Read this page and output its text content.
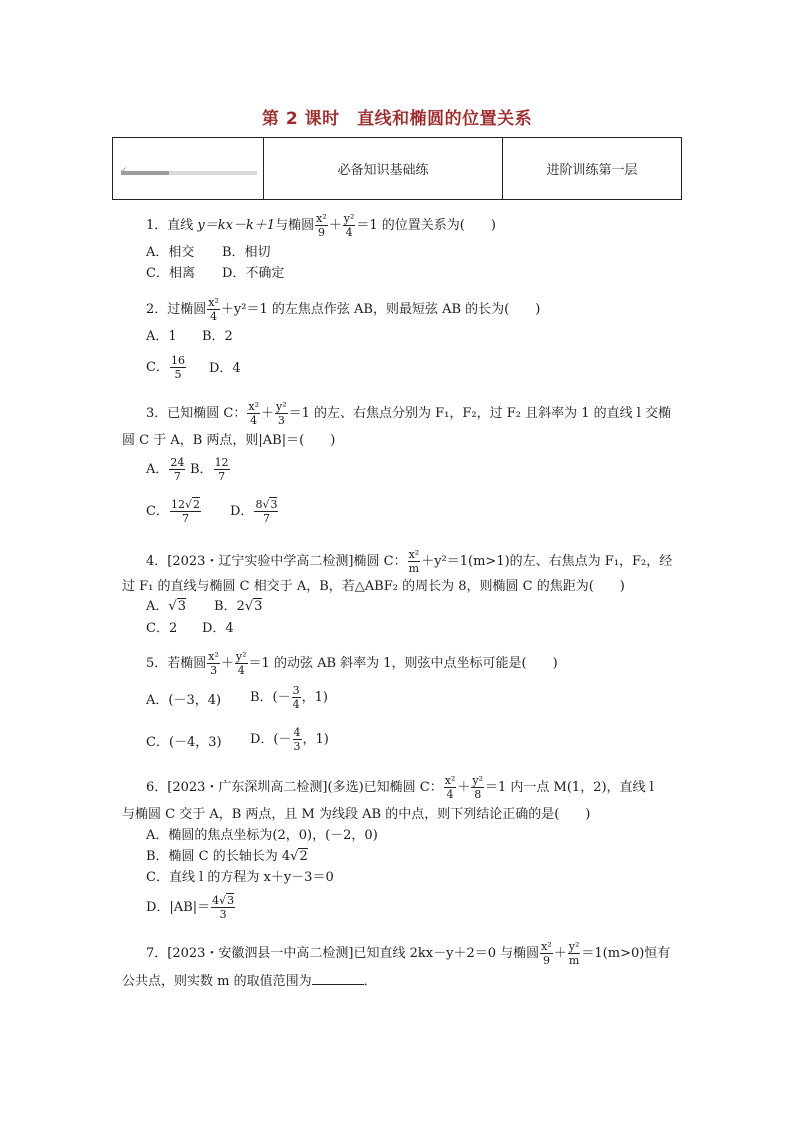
第 2 课时　直线和椭圆的位置关系
必备知识基础练	进阶训练第一层
1．直线 y＝kx－k＋1与椭圆 $\frac{\text{x²}}{9} + \frac{\text{y²}}{4} =1$ 的位置关系为(　　)
A．相交 B．相切
C．相离 D．不确定
2．过椭圆 $\frac{\text{x²}}{4} +y^2=1$ 的左焦点作弦 AB，则最短弦 AB 的长为(　　)
A．1 B．2
C． $\frac{16}{5}$ D．4
3．已知椭圆 C： $\frac{\text{x²}}{4} + \frac{\text{y²}}{3} =1$ 的左、右焦点分别为 F₁，F₂，过 F₂ 且斜率为 1 的直线 l 交椭
圆 C 于 A，B 两点，则|AB|＝(　　)
A． $\frac{24}{7}$ B． $\frac{12}{7}$
C． $\frac{12√2}{7}$ D． $\frac{8√3}{7}$
4．[2023・辽宁实验中学高二检测]椭圆 C： $\frac{\text{x²}}{m} +y^2=1(m>1)$的左、右焦点为 F₁，F₂，经
过 F₁ 的直线与椭圆 C 相交于 A，B，若△ABF₂ 的周长为 8，则椭圆 C 的焦距为(　　)
A．√3 B．2√3
C．2 D．4
5．若椭圆 $\frac{\text{x²}}{3} + \frac{\text{y²}}{4} =1$ 的动弦 AB 斜率为 1，则弦中点坐标可能是(　　)
A．(－3，4) B．(－ $\frac{3}{4}$ ，1)
C．(－4，3) D．(－ $\frac{4}{3}$ ，1)
6．[2023・广东深圳高二检测](多选)已知椭圆 C： $\frac{\text{x²}}{4} + \frac{\text{y²}}{8} =1$ 内一点 M(1，2)，直线 l
与椭圆 C 交于 A，B 两点，且 M 为线段 AB 的中点，则下列结论正确的是(　　)
A．椭圆的焦点坐标为(2，0)，(－2，0)
B．椭圆 C 的长轴长为 4√2
C．直线 l 的方程为 x＋y－3＝0
D．$|AB|= \frac{4√3}{3}$
7．[2023・安徽泗县一中高二检测]已知直线 2kx－y＋2＝0 与椭圆 $\frac{\text{x²}}{9} + \frac{\text{y²}}{m} =1(m>0)$恒有
公共点，则实数 m 的取值范围为	．
